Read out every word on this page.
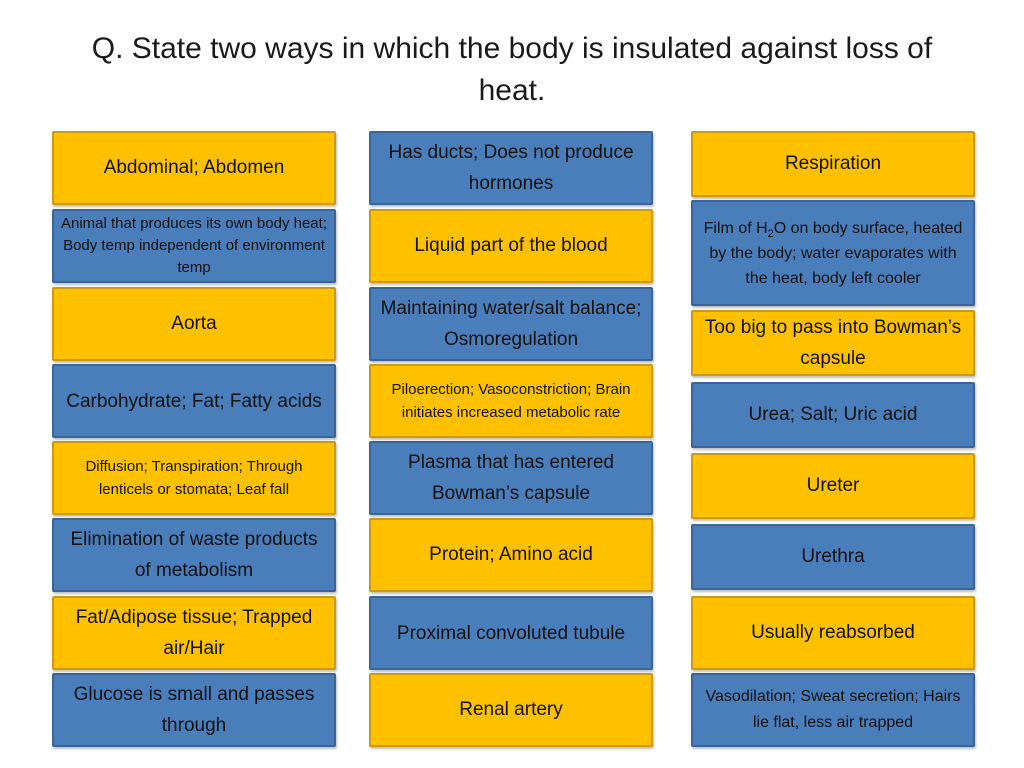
Q. State two ways in which the body is insulated against loss of heat.
Abdominal; Abdomen
Animal that produces its own body heat; Body temp independent of environment temp
Aorta
Carbohydrate; Fat; Fatty acids
Diffusion; Transpiration; Through lenticels or stomata; Leaf fall
Elimination of waste products of metabolism
Fat/Adipose tissue; Trapped air/Hair
Glucose is small and passes through
Has ducts; Does not produce hormones
Liquid part of the blood
Maintaining water/salt balance; Osmoregulation
Piloerection; Vasoconstriction; Brain initiates increased metabolic rate
Plasma that has entered Bowman’s capsule
Protein; Amino acid
Proximal convoluted tubule
Renal artery
Respiration
Film of $H_2O$ on body surface, heated by the body; water evaporates with the heat, body left cooler
Too big to pass into Bowman’s capsule
Urea; Salt; Uric acid
Ureter
Urethra
Usually reabsorbed
Vasodilation; Sweat secretion; Hairs lie flat, less air trapped
